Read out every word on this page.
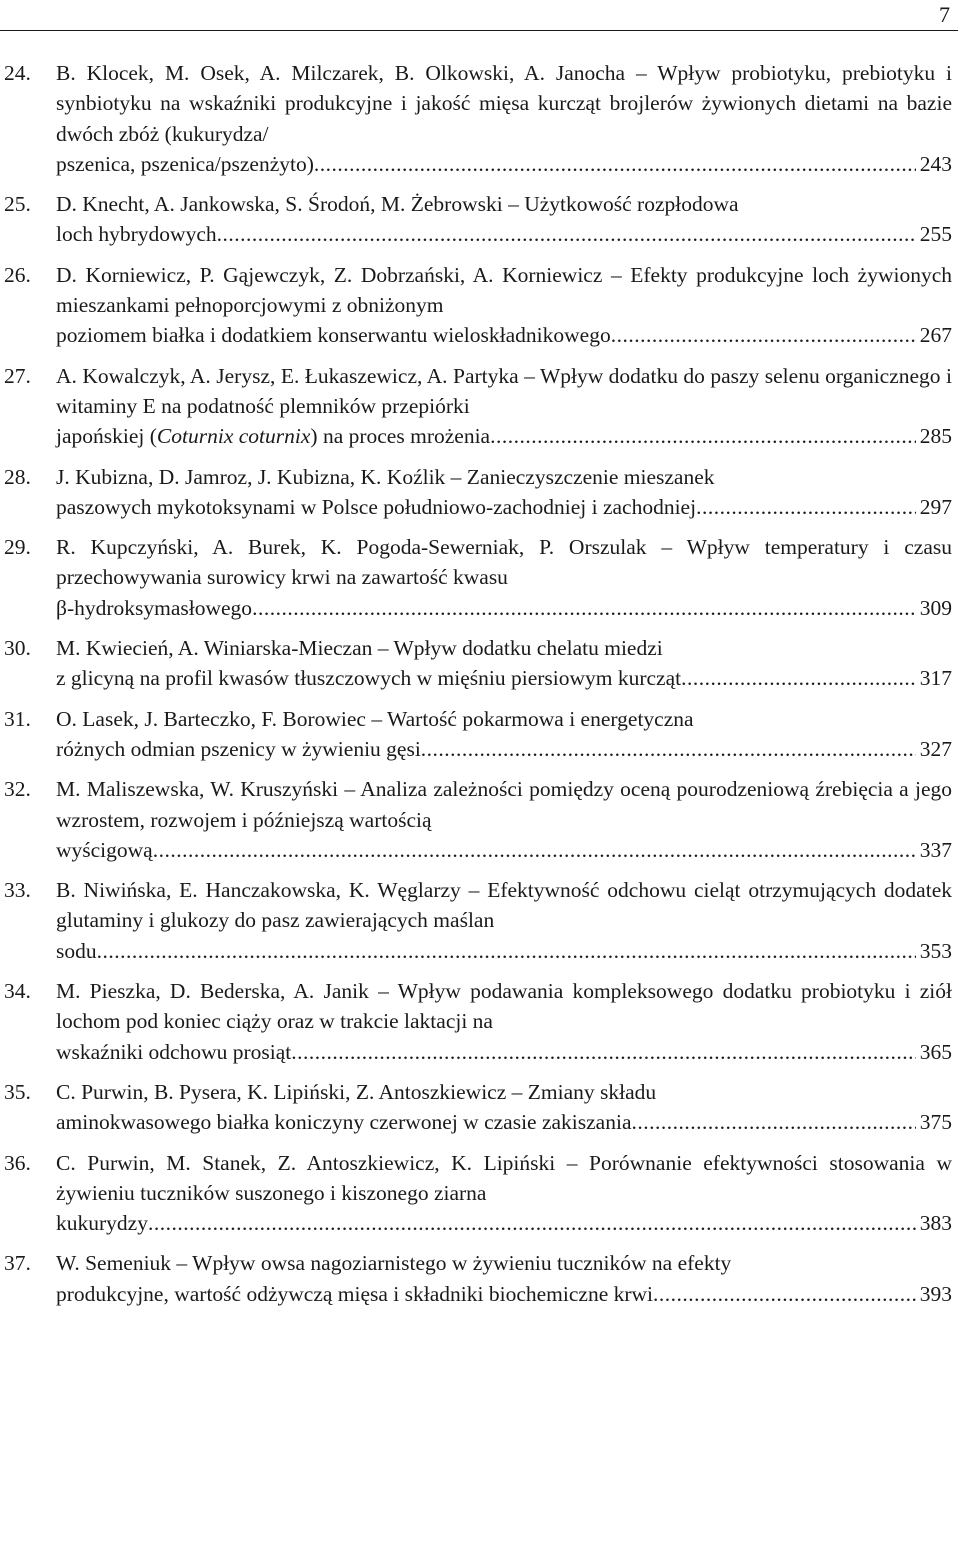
7
24. B. Klocek, M. Osek, A. Milczarek, B. Olkowski, A. Janocha – Wpływ probiotyku, prebiotyku i synbiotyku na wskaźniki produkcyjne i jakość mięsa kurcząt brojlerów żywionych dietami na bazie dwóch zbóż (kukurydza/
pszenica, pszenica/pszenżyto) .....	243
25. D. Knecht, A. Jankowska, S. Środoń, M. Żebrowski – Użytkowość rozpłodowa
loch hybrydowych .....	255
26. D. Korniewicz, P. Gąjewczyk, Z. Dobrzański, A. Korniewicz – Efekty produkcyjne loch żywionych mieszankami pełnoporcjowymi z obniżonym
poziomem białka i dodatkiem konserwantu wieloskładnikowego .....	267
27. A. Kowalczyk, A. Jerysz, E. Łukaszewicz, A. Partyka – Wpływ dodatku do paszy selenu organicznego i witaminy E na podatność plemników przepiórki
japońskiej (Coturnix coturnix) na proces mrożenia .....	285
28. J. Kubizna, D. Jamroz, J. Kubizna, K. Koźlik – Zanieczyszczenie mieszanek
paszowych mykotoksynami w Polsce południowo-zachodniej i zachodniej .....	297
29. R. Kupczyński, A. Burek, K. Pogoda-Sewerniak, P. Orszulak – Wpływ temperatury i czasu przechowywania surowicy krwi na zawartość kwasu
β-hydroksymasłowego .....	309
30. M. Kwiecień, A. Winiarska-Mieczan – Wpływ dodatku chelatu miedzi
z glicyną na profil kwasów tłuszczowych w mięśniu piersiowym kurcząt .....	317
31. O. Lasek, J. Barteczko, F. Borowiec – Wartość pokarmowa i energetyczna
różnych odmian pszenicy w żywieniu gęsi .....	327
32. M. Maliszewska, W. Kruszyński – Analiza zależności pomiędzy oceną pourodzeniową źrebięcia a jego wzrostem, rozwojem i późniejszą wartością
wyścigową .....	337
33. B. Niwińska, E. Hanczakowska, K. Węglarzy – Efektywność odchowu cieląt otrzymujących dodatek glutaminy i glukozy do pasz zawierających maślan
sodu .....	353
34. M. Pieszka, D. Bederska, A. Janik – Wpływ podawania kompleksowego dodatku probiotyku i ziół lochom pod koniec ciąży oraz w trakcie laktacji na
wskaźniki odchowu prosiąt .....	365
35. C. Purwin, B. Pysera, K. Lipiński, Z. Antoszkiewicz – Zmiany składu
aminokwasowego białka koniczyny czerwonej w czasie zakiszania .....	375
36. C. Purwin, M. Stanek, Z. Antoszkiewicz, K. Lipiński – Porównanie efektywności stosowania w żywieniu tuczników suszonego i kiszonego ziarna
kukurydzy .....	383
37. W. Semeniuk – Wpływ owsa nagoziarnistego w żywieniu tuczników na efekty
produkcyjne, wartość odżywczą mięsa i składniki biochemiczne krwi .....	393
